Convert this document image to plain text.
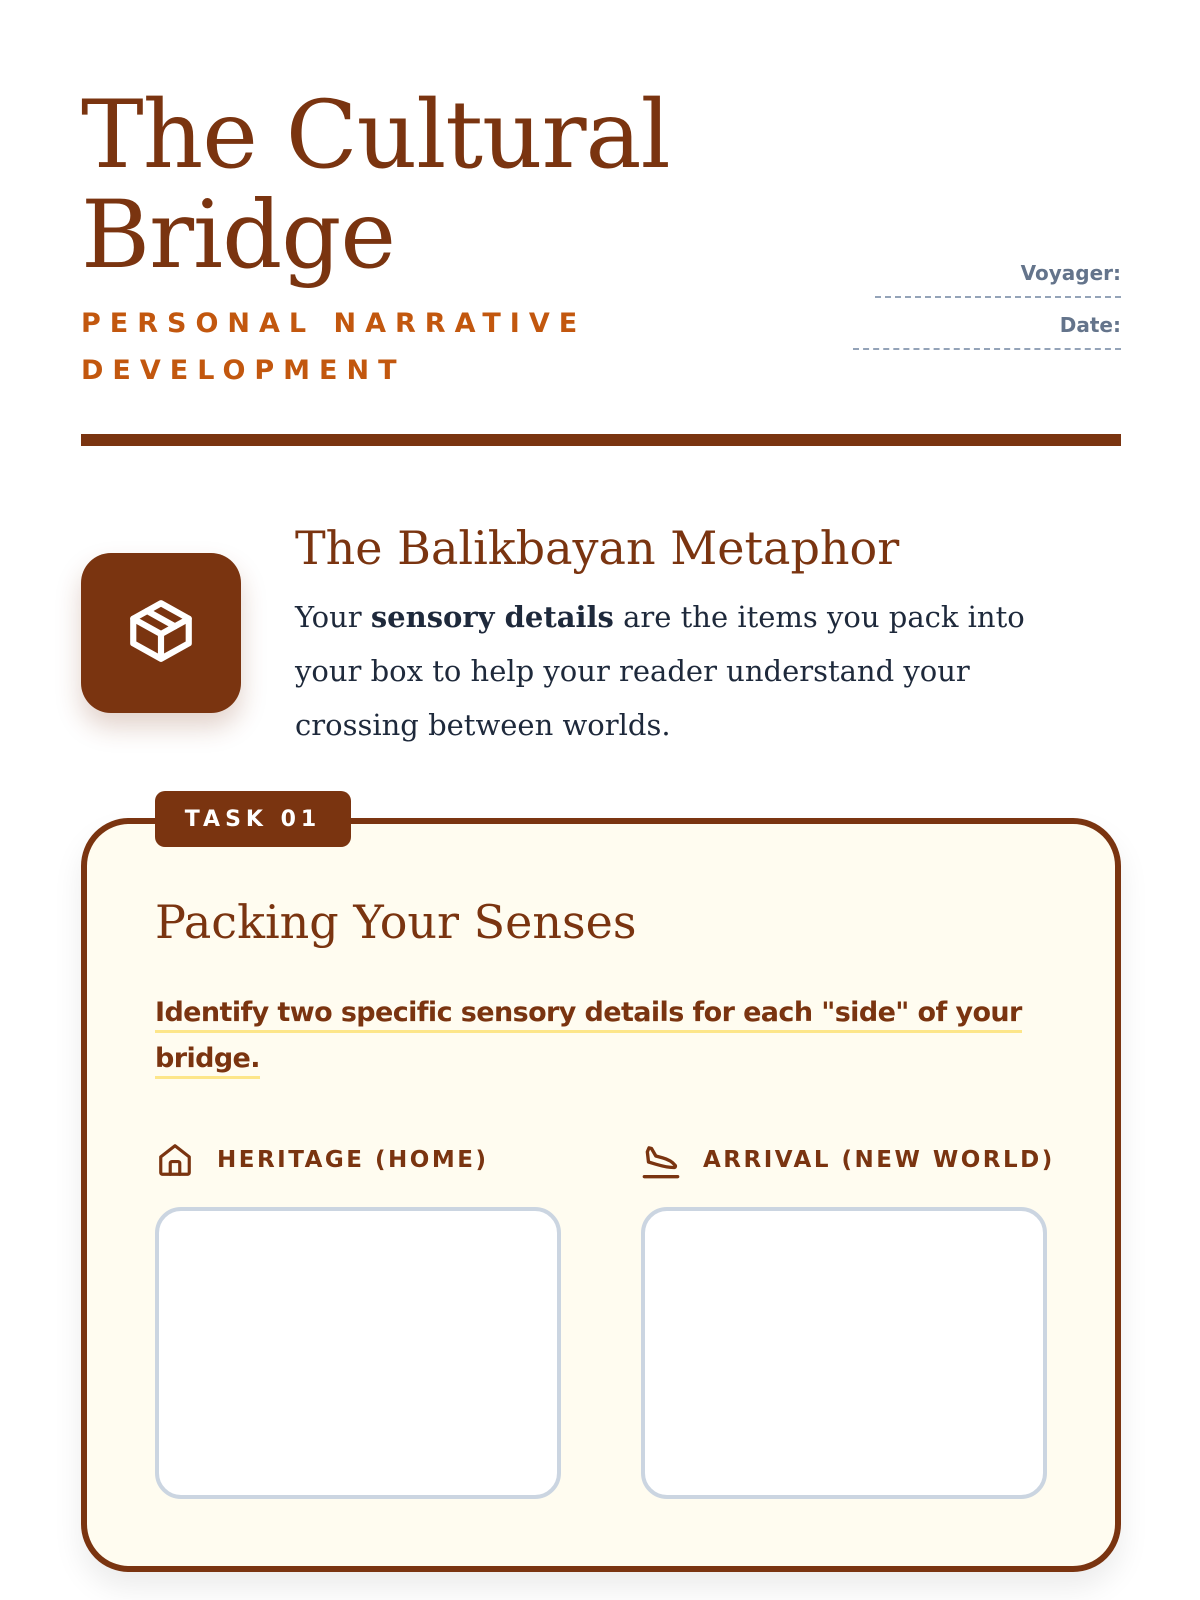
The Cultural Bridge
PERSONAL NARRATIVE DEVELOPMENT
Voyager:
Date:
The Balikbayan Metaphor

Your sensory details are the items you pack into your box to help your reader understand your crossing between worlds.

TASK 01
Packing Your Senses

Identify two specific sensory details for each "side" of your bridge.

HERITAGE (HOME)	ARRIVAL (NEW WORLD)
